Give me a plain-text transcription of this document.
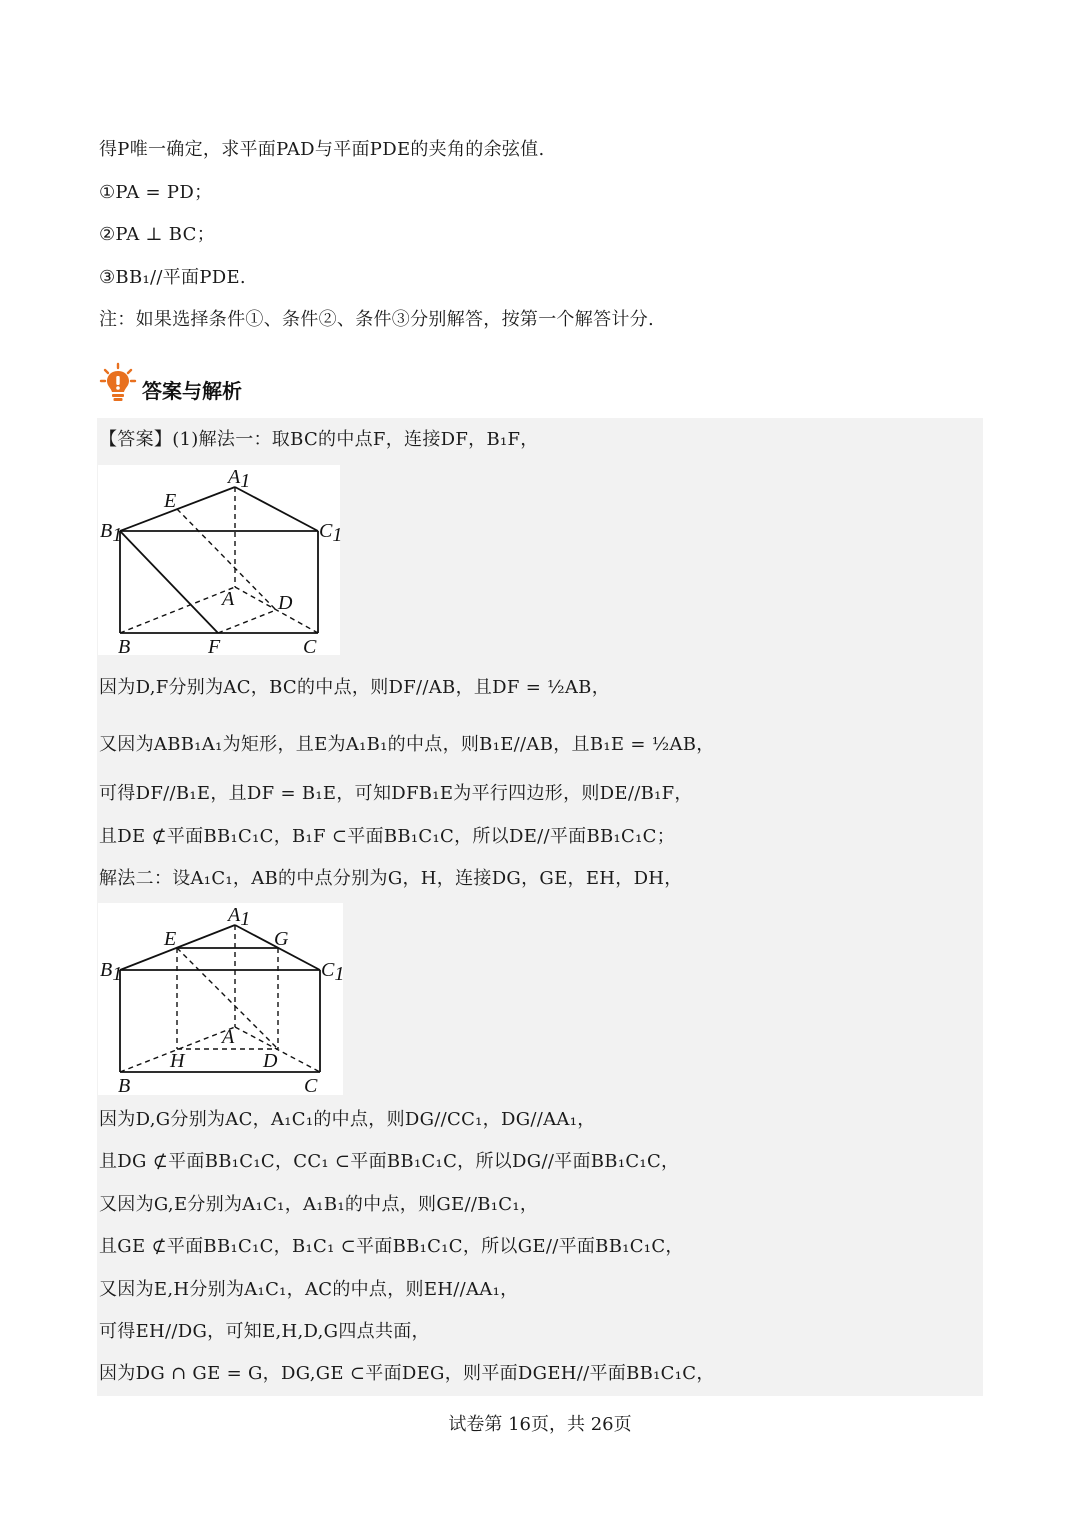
得P唯一确定，求平面PAD与平面PDE的夹角的余弦值.

①PA = PD；

②PA ⊥ BC；

③BB₁//平面PDE.

注：如果选择条件①、条件②、条件③分别解答，按第一个解答计分.

答案与解析

【答案】(1)解法一：取BC的中点F，连接DF，B₁F，

A1
E
B1	C1
A D
B	F	C

因为D,F分别为AC，BC的中点，则DF//AB，且DF = ½AB，

又因为ABB₁A₁为矩形，且E为A₁B₁的中点，则B₁E//AB，且B₁E = ½AB，

可得DF//B₁E，且DF = B₁E，可知DFB₁E为平行四边形，则DE//B₁F，

且DE ⊄平面BB₁C₁C，B₁F ⊂平面BB₁C₁C，所以DE//平面BB₁C₁C；

解法二：设A₁C₁，AB的中点分别为G，H，连接DG，GE，EH，DH，

A1
E	G
B1	C1
A
H	D
B	C

因为D,G分别为AC，A₁C₁的中点，则DG//CC₁，DG//AA₁，

且DG ⊄平面BB₁C₁C，CC₁ ⊂平面BB₁C₁C，所以DG//平面BB₁C₁C，

又因为G,E分别为A₁C₁，A₁B₁的中点，则GE//B₁C₁，

且GE ⊄平面BB₁C₁C，B₁C₁ ⊂平面BB₁C₁C，所以GE//平面BB₁C₁C，

又因为E,H分别为A₁C₁，AC的中点，则EH//AA₁，

可得EH//DG，可知E,H,D,G四点共面，

因为DG ∩ GE = G，DG,GE ⊂平面DEG，则平面DGEH//平面BB₁C₁C，

试卷第 16页，共 26页
